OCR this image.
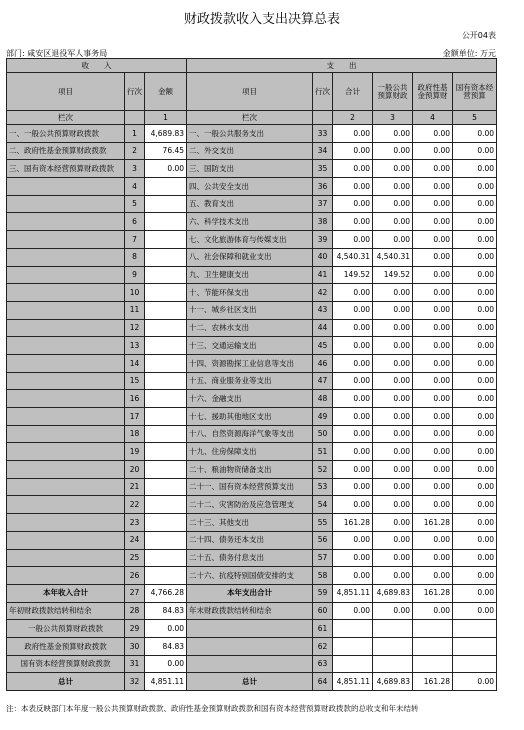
财政拨款收入支出决算总表
公开04表
部门: 咸安区退役军人事务局	金额单位: 万元
收　　入			支　　出					
项目	行次	金额	项目	行次	合计	一般公共预算财政	政府性基金预算财	国有资本经营预算
栏次		1	栏次		2	3	4	5
一、一般公共预算财政拨款	1	4,689.83	一、一般公共服务支出	33	0.00	0.00	0.00	0.00
二、政府性基金预算财政拨款	2	76.45	二、外交支出	34	0.00	0.00	0.00	0.00
三、国有资本经营预算财政拨款	3	0.00	三、国防支出	35	0.00	0.00	0.00	0.00
	4		四、公共安全支出	36	0.00	0.00	0.00	0.00
	5		五、教育支出	37	0.00	0.00	0.00	0.00
	6		六、科学技术支出	38	0.00	0.00	0.00	0.00
	7		七、文化旅游体育与传媒支出	39	0.00	0.00	0.00	0.00
	8		八、社会保障和就业支出	40	4,540.31	4,540.31	0.00	0.00
	9		九、卫生健康支出	41	149.52	149.52	0.00	0.00
	10		十、节能环保支出	42	0.00	0.00	0.00	0.00
	11		十一、城乡社区支出	43	0.00	0.00	0.00	0.00
	12		十二、农林水支出	44	0.00	0.00	0.00	0.00
	13		十三、交通运输支出	45	0.00	0.00	0.00	0.00
	14		十四、资源勘探工业信息等支出	46	0.00	0.00	0.00	0.00
	15		十五、商业服务业等支出	47	0.00	0.00	0.00	0.00
	16		十六、金融支出	48	0.00	0.00	0.00	0.00
	17		十七、援助其他地区支出	49	0.00	0.00	0.00	0.00
	18		十八、自然资源海洋气象等支出	50	0.00	0.00	0.00	0.00
	19		十九、住房保障支出	51	0.00	0.00	0.00	0.00
	20		二十、粮油物资储备支出	52	0.00	0.00	0.00	0.00
	21		二十一、国有资本经营预算支出	53	0.00	0.00	0.00	0.00
	22		二十二、灾害防治及应急管理支	54	0.00	0.00	0.00	0.00
	23		二十三、其他支出	55	161.28	0.00	161.28	0.00
	24		二十四、债务还本支出	56	0.00	0.00	0.00	0.00
	25		二十五、债务付息支出	57	0.00	0.00	0.00	0.00
	26		二十六、抗疫特别国债安排的支	58	0.00	0.00	0.00	0.00
本年收入合计	27	4,766.28	本年支出合计	59	4,851.11	4,689.83	161.28	0.00
年初财政拨款结转和结余	28	84.83	年末财政拨款结转和结余	60	0.00	0.00	0.00	0.00
一般公共预算财政拨款	29	0.00		61				
政府性基金预算财政拨款	30	84.83		62				
国有资本经营预算财政拨款	31	0.00		63				
总计	32	4,851.11	总计	64	4,851.11	4,689.83	161.28	0.00
注：本表反映部门本年度一般公共预算财政拨款、政府性基金预算财政拨款和国有资本经营预算财政拨款的总收支和年末结转
